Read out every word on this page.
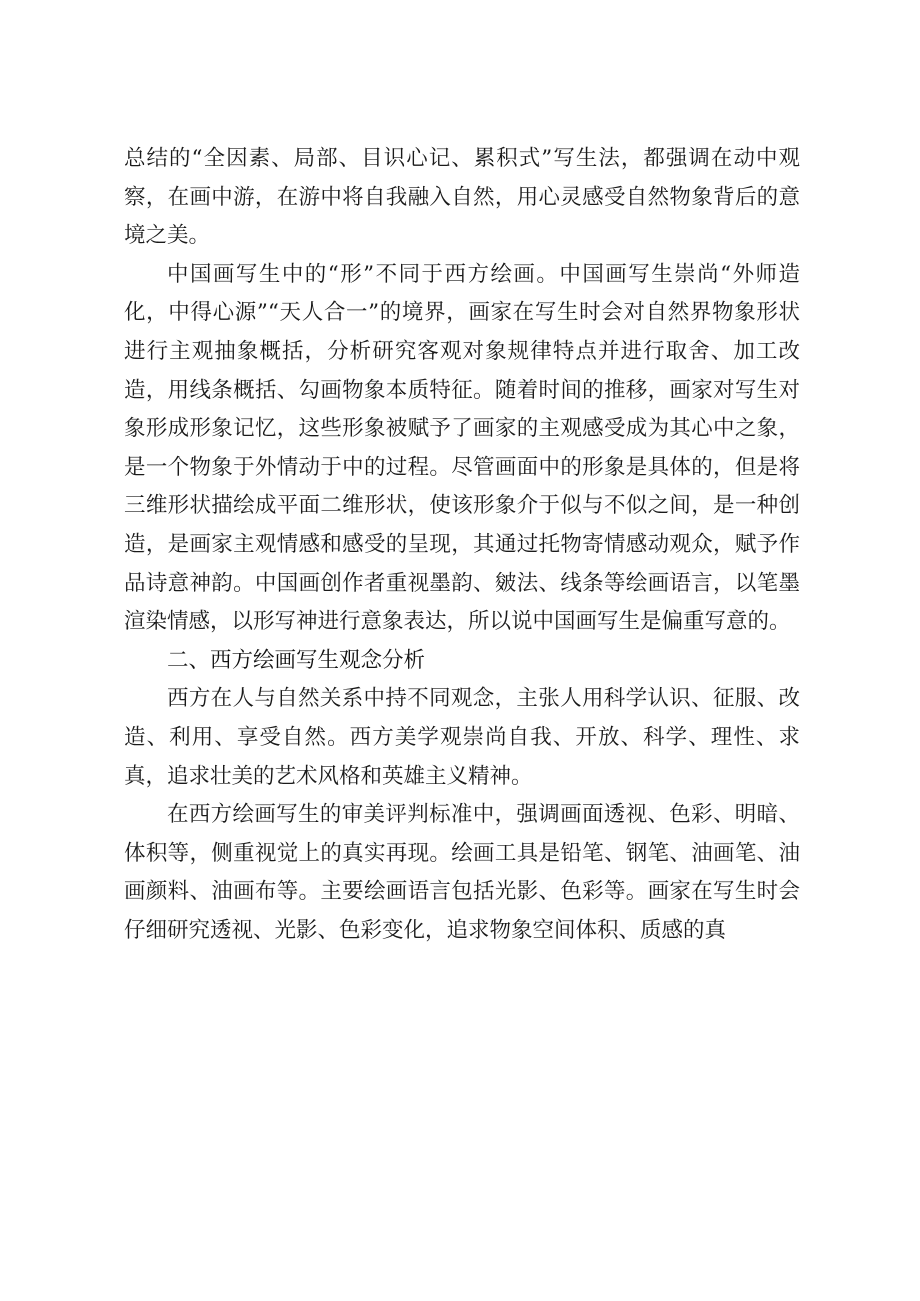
总结的“全因素、局部、目识心记、累积式”写生法，都强调在动中观察，在画中游，在游中将自我融入自然，用心灵感受自然物象背后的意境之美。

中国画写生中的“形”不同于西方绘画。中国画写生崇尚“外师造化，中得心源”“天人合一”的境界，画家在写生时会对自然界物象形状进行主观抽象概括，分析研究客观对象规律特点并进行取舍、加工改造，用线条概括、勾画物象本质特征。随着时间的推移，画家对写生对象形成形象记忆，这些形象被赋予了画家的主观感受成为其心中之象，是一个物象于外情动于中的过程。尽管画面中的形象是具体的，但是将三维形状描绘成平面二维形状，使该形象介于似与不似之间，是一种创造，是画家主观情感和感受的呈现，其通过托物寄情感动观众，赋予作品诗意神韵。中国画创作者重视墨韵、皴法、线条等绘画语言，以笔墨渲染情感，以形写神进行意象表达，所以说中国画写生是偏重写意的。

二、西方绘画写生观念分析

西方在人与自然关系中持不同观念，主张人用科学认识、征服、改造、利用、享受自然。西方美学观崇尚自我、开放、科学、理性、求真，追求壮美的艺术风格和英雄主义精神。

在西方绘画写生的审美评判标准中，强调画面透视、色彩、明暗、体积等，侧重视觉上的真实再现。绘画工具是铅笔、钢笔、油画笔、油画颜料、油画布等。主要绘画语言包括光影、色彩等。画家在写生时会仔细研究透视、光影、色彩变化，追求物象空间体积、质感的真
